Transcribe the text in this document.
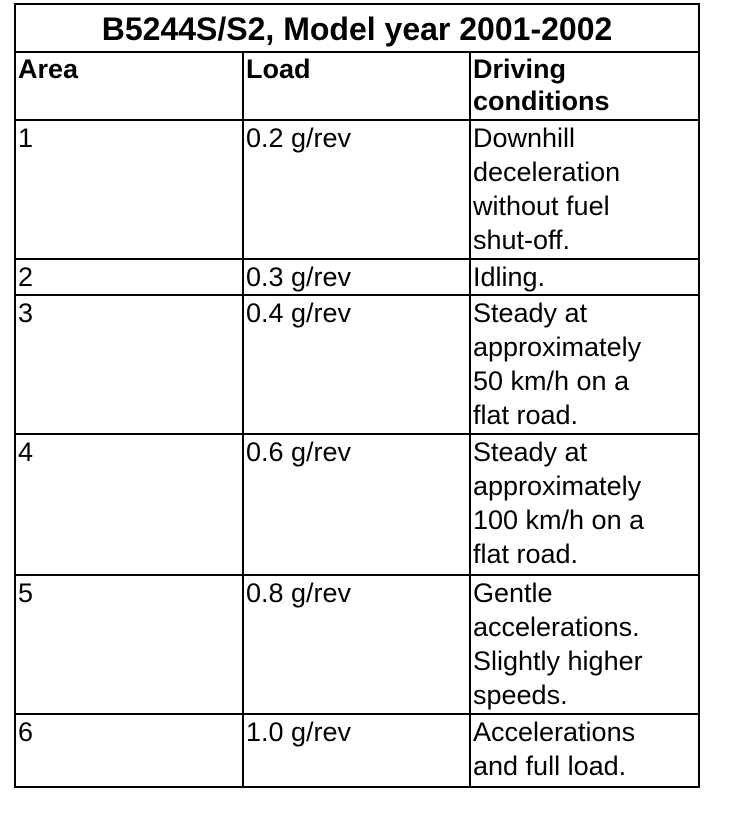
B5244S/S2, Model year 2001-2002		
Area	Load	Driving
conditions

1	0.2 g/rev	Downhill
deceleration
without fuel
shut-off.

2	0.3 g/rev	Idling.

3	0.4 g/rev	Steady at
approximately
50 km/h on a
flat road.

4	0.6 g/rev	Steady at
approximately
100 km/h on a
flat road.

5	0.8 g/rev	Gentle
accelerations.
Slightly higher
speeds.

6	1.0 g/rev	Accelerations
and full load.
